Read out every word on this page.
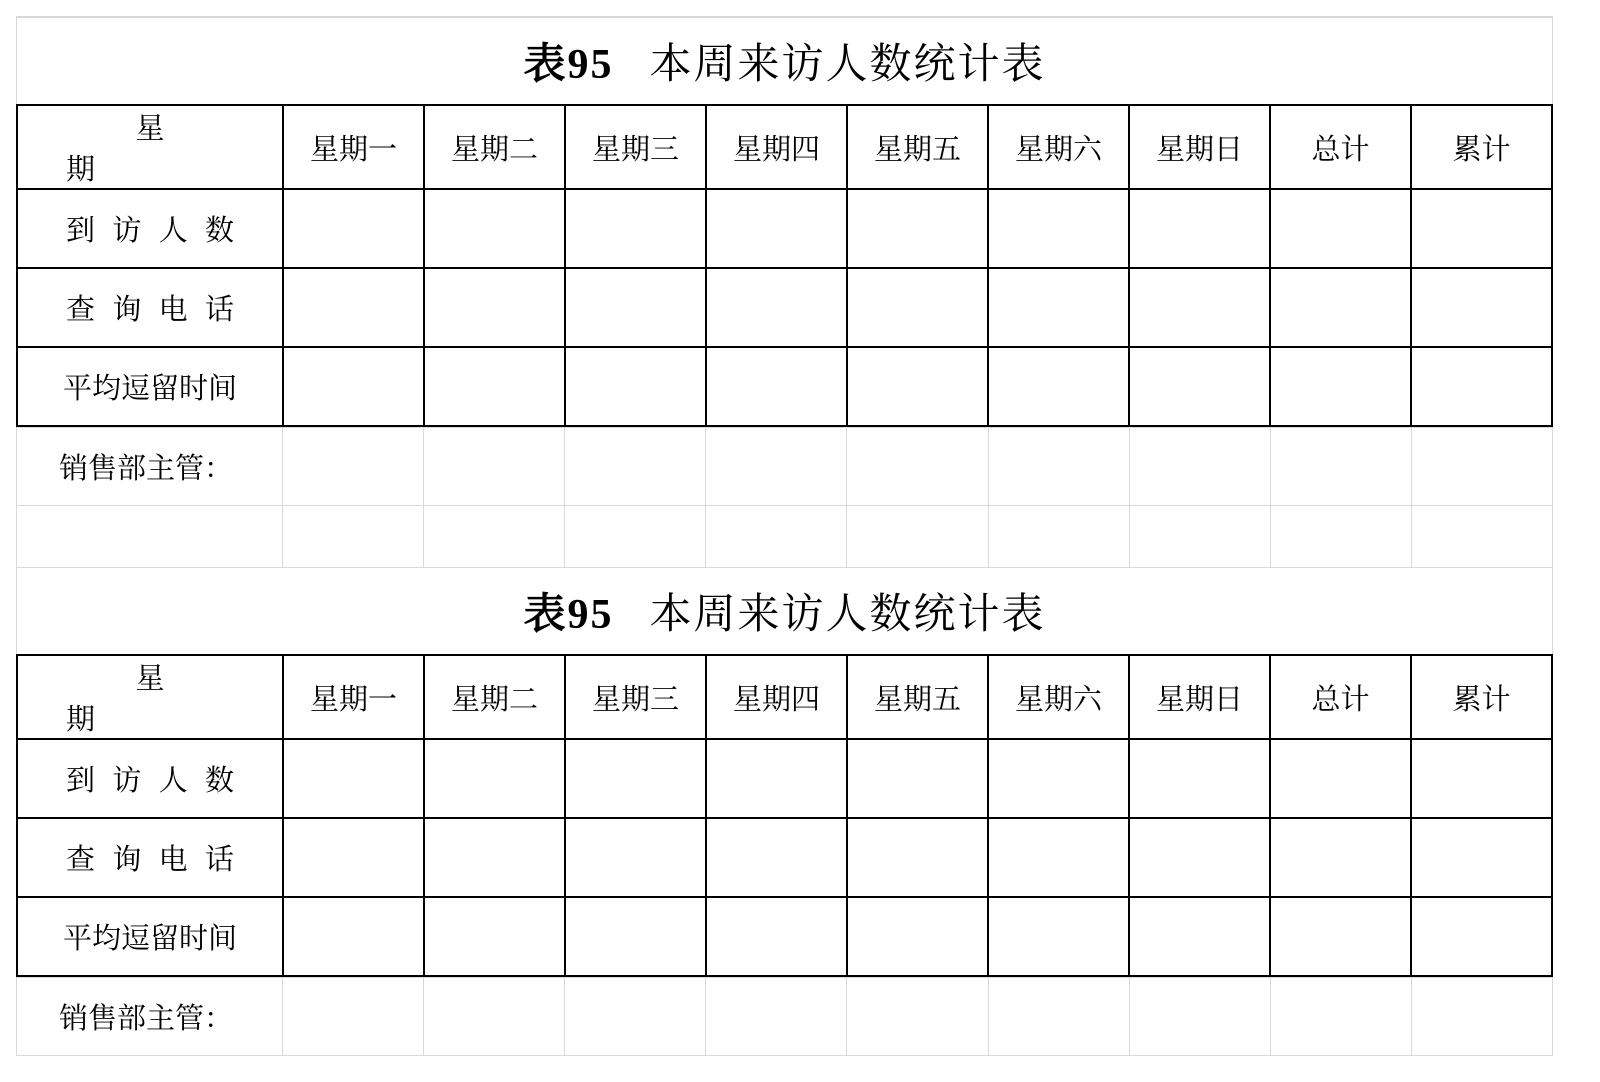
表95 本周来访人数统计表
星　　　　　期	星期一	星期二	星期三	星期四	星期五	星期六	星期日	总计	累计
到访人数									
查询电话									
平均逗留时间									
销售部主管：									

表95 本周来访人数统计表
星　　　　　期	星期一	星期二	星期三	星期四	星期五	星期六	星期日	总计	累计
到访人数									
查询电话									
平均逗留时间									
销售部主管：									
